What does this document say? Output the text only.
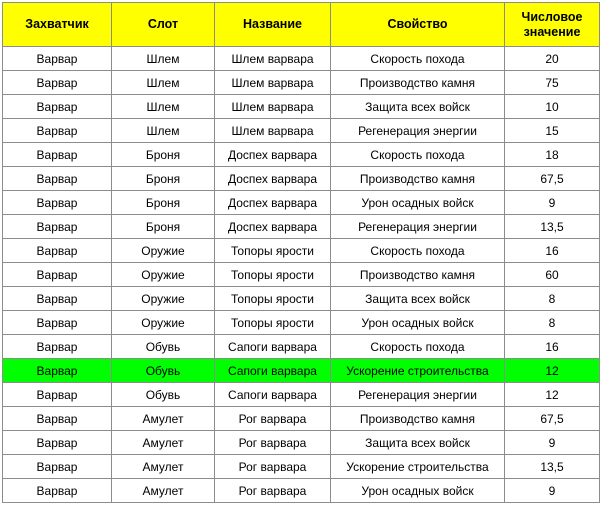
Захватчик	Слот	Название	Свойство	Числовое
значение
Варвар	Шлем	Шлем варвара	Скорость похода	20
Варвар	Шлем	Шлем варвара	Производство камня	75
Варвар	Шлем	Шлем варвара	Защита всех войск	10
Варвар	Шлем	Шлем варвара	Регенерация энергии	15
Варвар	Броня	Доспех варвара	Скорость похода	18
Варвар	Броня	Доспех варвара	Производство камня	67,5
Варвар	Броня	Доспех варвара	Урон осадных войск	9
Варвар	Броня	Доспех варвара	Регенерация энергии	13,5
Варвар	Оружие	Топоры ярости	Скорость похода	16
Варвар	Оружие	Топоры ярости	Производство камня	60
Варвар	Оружие	Топоры ярости	Защита всех войск	8
Варвар	Оружие	Топоры ярости	Урон осадных войск	8
Варвар	Обувь	Сапоги варвара	Скорость похода	16
Варвар	Обувь	Сапоги варвара	Ускорение строительства	12
Варвар	Обувь	Сапоги варвара	Регенерация энергии	12
Варвар	Амулет	Рог варвара	Производство камня	67,5
Варвар	Амулет	Рог варвара	Защита всех войск	9
Варвар	Амулет	Рог варвара	Ускорение строительства	13,5
Варвар	Амулет	Рог варвара	Урон осадных войск	9
